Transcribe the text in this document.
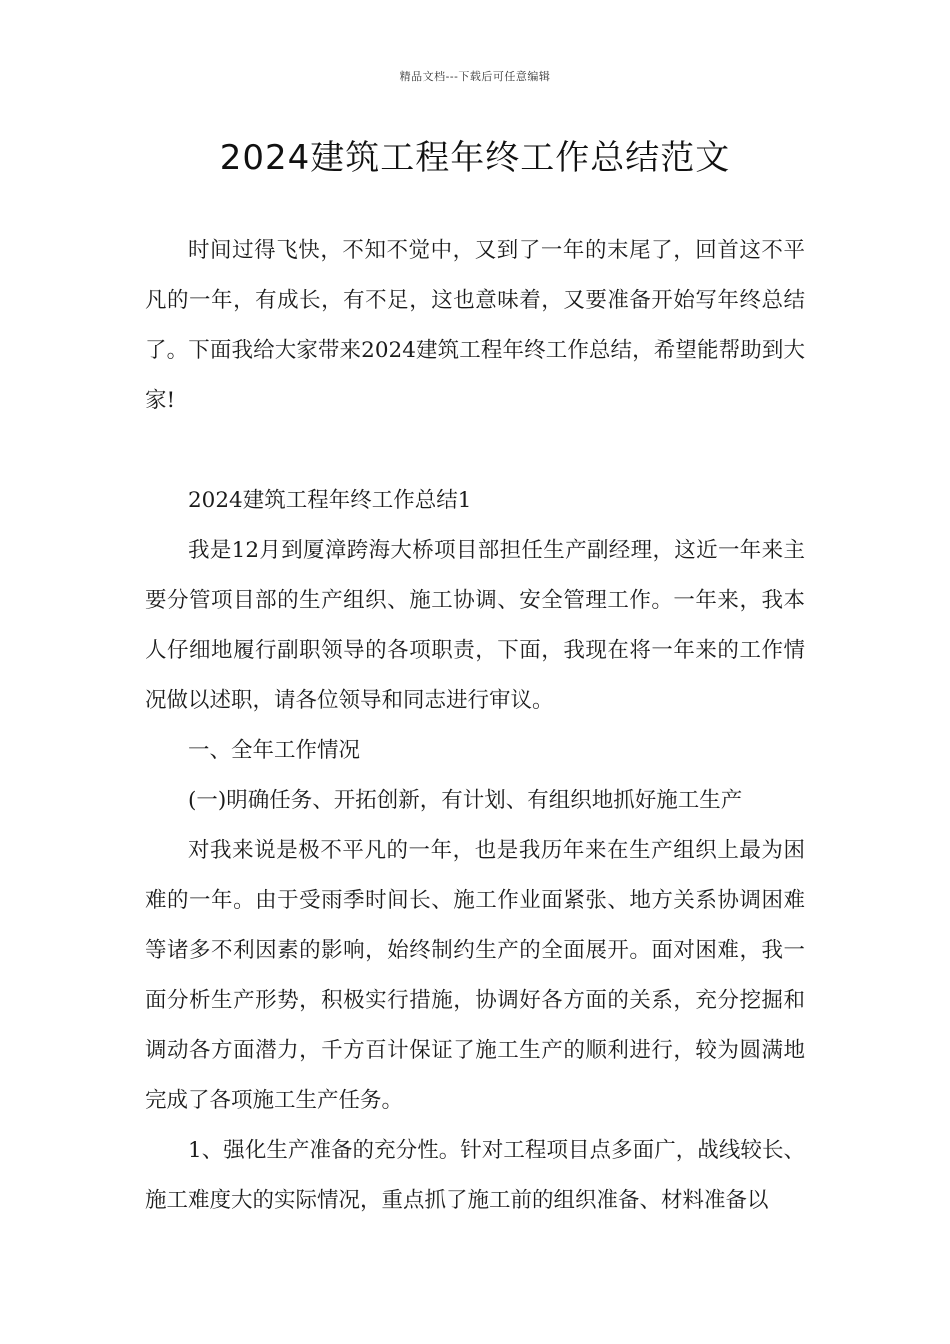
精品文档---下载后可任意编辑
2024建筑工程年终工作总结范文

时间过得飞快，不知不觉中，又到了一年的末尾了，回首这不平凡的一年，有成长，有不足，这也意味着，又要准备开始写年终总结了。下面我给大家带来2024建筑工程年终工作总结，希望能帮助到大家!

2024建筑工程年终工作总结1

我是12月到厦漳跨海大桥项目部担任生产副经理，这近一年来主要分管项目部的生产组织、施工协调、安全管理工作。一年来，我本人仔细地履行副职领导的各项职责，下面，我现在将一年来的工作情况做以述职，请各位领导和同志进行审议。

一、全年工作情况

(一)明确任务、开拓创新，有计划、有组织地抓好施工生产

对我来说是极不平凡的一年，也是我历年来在生产组织上最为困难的一年。由于受雨季时间长、施工作业面紧张、地方关系协调困难等诸多不利因素的影响，始终制约生产的全面展开。面对困难，我一面分析生产形势，积极实行措施，协调好各方面的关系，充分挖掘和调动各方面潜力，千方百计保证了施工生产的顺利进行，较为圆满地完成了各项施工生产任务。

1、强化生产准备的充分性。针对工程项目点多面广，战线较长、施工难度大的实际情况，重点抓了施工前的组织准备、材料准备以
